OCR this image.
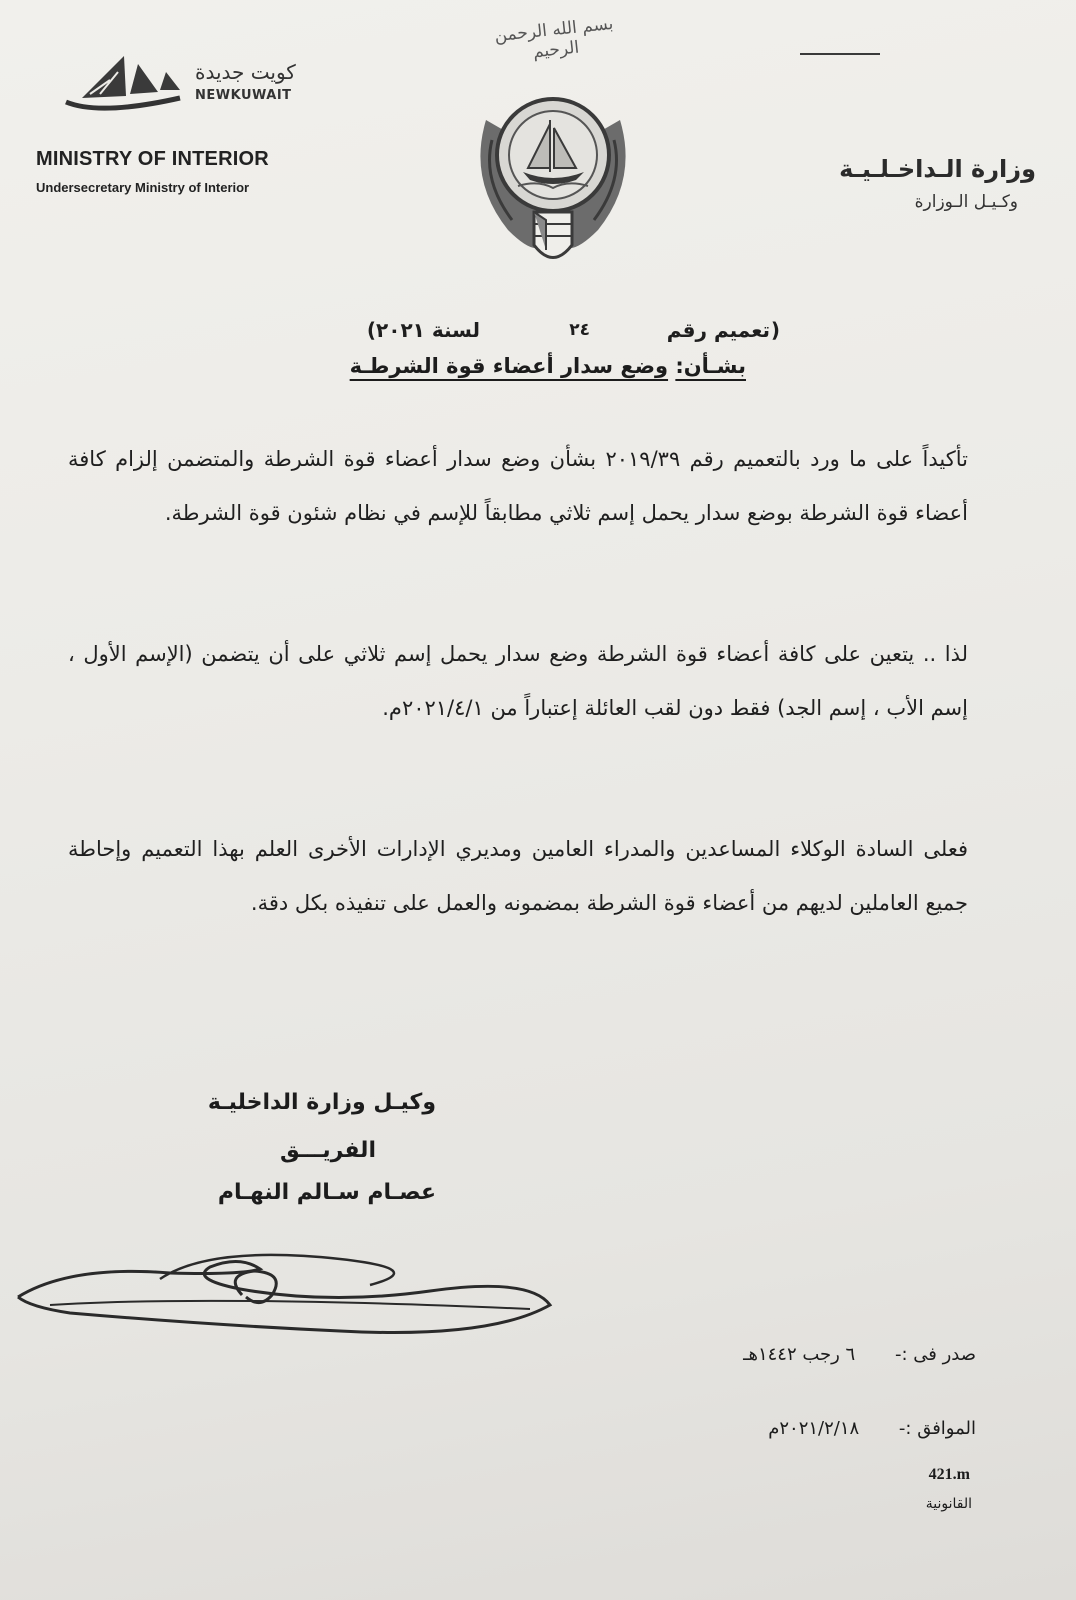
كويت جديدة
NEWKUWAIT
MINISTRY OF INTERIOR
Undersecretary Ministry of Interior
بسم الله الرحمن الرحيم
وزارة الـداخـلـيـة
وكـيـل الـوزارة
(
تعميم رقم
٢٤
لسنة ٢٠٢١)
بشـأن: وضع سدار أعضاء قوة الشرطـة
تأكيداً على ما ورد بالتعميم رقم ٢٠١٩/٣٩ بشأن وضع سدار أعضاء قوة الشرطة والمتضمن إلزام كافة أعضاء قوة الشرطة بوضع سدار يحمل إسم ثلاثي مطابقاً للإسم في نظام شئون قوة الشرطة.
لذا .. يتعين على كافة أعضاء قوة الشرطة وضع سدار يحمل إسم ثلاثي على أن يتضمن (الإسم الأول ، إسم الأب ، إسم الجد) فقط دون لقب العائلة إعتباراً من ٢٠٢١/٤/١م.
فعلى السادة الوكلاء المساعدين والمدراء العامين ومديري الإدارات الأخرى العلم بهذا التعميم وإحاطة جميع العاملين لديهم من أعضاء قوة الشرطة بمضمونه والعمل على تنفيذه بكل دقة.
وكيـل وزارة الداخليـة
الفريـــق
عصـام سـالم النهـام
صدر فى :- ٦ رجب ١٤٤٢هـ
الموافق :- ٢٠٢١/٢/١٨م
421.m
القانونية
